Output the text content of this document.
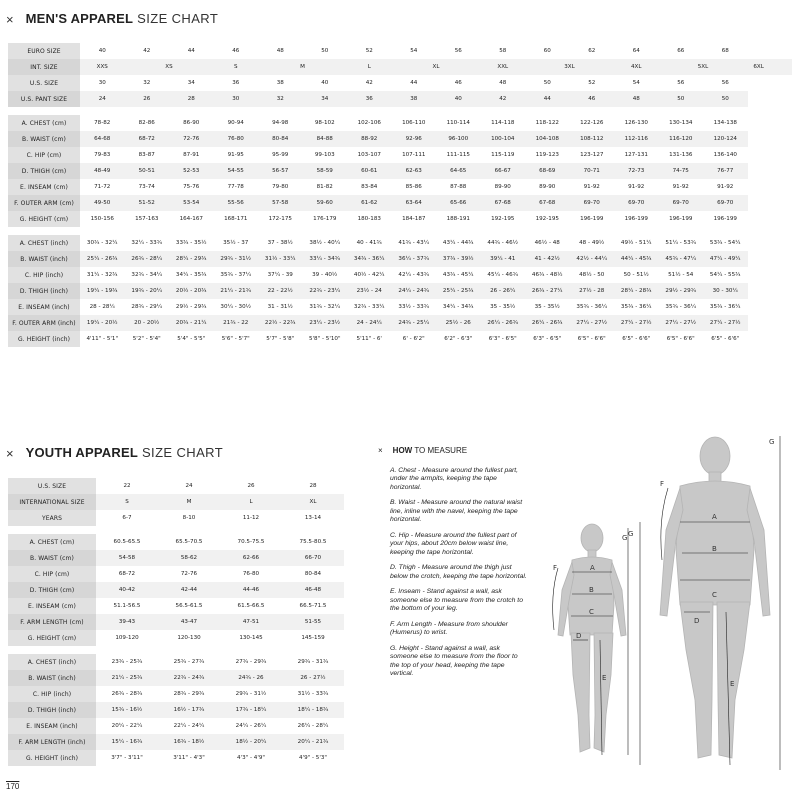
× MEN'S APPAREL SIZE CHART
EURO SIZE	40	42		44		46	48		50		52	54		56		58	60		62		64	66		68	
INT. SIZE	XXS		XS			S		M			L		XL			XXL		3XL			4XL		5XL		6XL
U.S. SIZE	30	32		34		36	38		40		42	44		46		48	50		52		54	56		56	
U.S. PANT SIZE	24	26		28		30	32		34		36	38		40		42	44		46		48	50		50	

A. CHEST (cm)	78-82	82-86		86-90		90-94	94-98		98-102		102-106	106-110		110-114		114-118	118-122		122-126		126-130	130-134		134-138	
B. WAIST (cm)	64-68	68-72		72-76		76-80	80-84		84-88		88-92	92-96		96-100		100-104	104-108		108-112		112-116	116-120		120-124	
C. HIP (cm)	79-83	83-87		87-91		91-95	95-99		99-103		103-107	107-111		111-115		115-119	119-123		123-127		127-131	131-136		136-140	
D. THIGH (cm)	48-49	50-51		52-53		54-55	56-57		58-59		60-61	62-63		64-65		66-67	68-69		70-71		72-73	74-75		76-77	
E. INSEAM (cm)	71-72	73-74		75-76		77-78	79-80		81-82		83-84	85-86		87-88		89-90	89-90		91-92		91-92	91-92		91-92	
F. OUTER ARM (cm)	49-50	51-52		53-54		55-56	57-58		59-60		61-62	63-64		65-66		67-68	67-68		69-70		69-70	69-70		69-70	
G. HEIGHT (cm)	150-156	157-163		164-167		168-171	172-175		176-179		180-183	184-187		188-191		192-195	192-195		196-199		196-199	196-199		196-199	

A. CHEST (inch)	30¾ - 32¼	32¼ - 33¾		33¾ - 35½		35½ - 37	37 - 38½		38½ - 40¼		40 - 41¾	41¾ - 43¼		43¼ - 44¾		44¾ - 46½	46½ - 48		48 - 49½		49½ - 51¼	51¼ - 53¾		53¾ - 54¼	
B. WAIST (inch)	25¼ - 26¾	26¾ - 28¼		28¼ - 29¾		29¾ - 31½	31½ - 33¼		33¼ - 34¾		34¾ - 36¼	36¼ - 37¾		37¾ - 39½		39¼ - 41	41 - 42½		42½ - 44¼		44¼ - 45¾	45¾ - 47¼		47¼ - 49¼	
C. HIP (inch)	31¼ - 32¾	32¾ - 34¼		34¼ - 35¾		35¾ - 37¼	37¼ - 39		39 - 40½		40½ - 42¼	42¼ - 43¾		43¾ - 45¼		45¼ - 46¾	46¾ - 48½		48½ - 50		50 - 51½	51½ - 54		54¼ - 55¾	
D. THIGH (inch)	19¼ - 19¾	19¾ - 20¼		20½ - 20¾		21¼ - 21¾	22 - 22½		22¾ - 23¼		23½ - 24	24¼ - 24¾		25¼ - 25¾		26 - 26¼	26¾ - 27¼		27½ - 28		28¼ - 28¾	29½ - 29¾		30 - 30¼	
E. INSEAM (inch)	28 - 28¼	28¾ - 29¼		29½ - 29¾		30¼ - 30½	31 - 31½		31¾ - 32¼		32¾ - 33¼	33½ - 33¾		34¼ - 34¾		35 - 35½	35 - 35½		35¾ - 36¼		35¾ - 36¼	35¾ - 36¼		35¾ - 36¼	
F. OUTER ARM (inch)	19¼ - 20½	20 - 20½		20¾ - 21¼		21¾ - 22	22½ - 22¾		23¼ - 23½		24 - 24¼	24¾ - 25¼		25½ - 26		26¼ - 26¾	26¼ - 26¾		27¼ - 27½		27¼ - 27½	27¼ - 27½		27¼ - 27½	
G. HEIGHT (inch)	4'11" - 5'1"	5'2" - 5'4"		5'4" - 5'5"		5'6" - 5'7"	5'7" - 5'8"		5'8" - 5'10"		5'11" - 6'	6' - 6'2"		6'2" - 6'3"		6'3" - 6'5"	6'3" - 6'5"		6'5" - 6'6"		6'5" - 6'6"	6'5" - 6'6"		6'5" - 6'6"	
× YOUTH APPAREL SIZE CHART
U.S. SIZE	22	24	26	28
INTERNATIONAL SIZE	S	M	L	XL
YEARS	6-7	8-10	11-12	13-14

A. CHEST (cm)	60.5-65.5	65.5-70.5	70.5-75.5	75.5-80.5
B. WAIST (cm)	54-58	58-62	62-66	66-70
C. HIP (cm)	68-72	72-76	76-80	80-84
D. THIGH (cm)	40-42	42-44	44-46	46-48
E. INSEAM (cm)	51.1-56.5	56.5-61.5	61.5-66.5	66.5-71.5
F. ARM LENGTH (cm)	39-43	43-47	47-51	51-55
G. HEIGHT (cm)	109-120	120-130	130-145	145-159

A. CHEST (inch)	23¾ - 25¾	25¾ - 27¾	27¾ - 29¾	29¾ - 31¾
B. WAIST (inch)	21¼ - 25¾	22¾ - 24¾	24¾ - 26	26 - 27½
C. HIP (inch)	26¾ - 28¾	28¾ - 29¾	29¾ - 31½	31½ - 33¾
D. THIGH (inch)	15¾ - 16½	16½ - 17¾	17¾ - 18¼	18¼ - 18¾
E. INSEAM (inch)	20¼ - 22¼	22¼ - 24¼	24¼ - 26¼	26¼ - 28¼
F. ARM LENGTH (inch)	15¼ - 16¾	16¾ - 18½	18½ - 20¼	20¼ - 21¾
G. HEIGHT (inch)	3'7" - 3'11"	3'11" - 4'3"	4'3" - 4'9"	4'9" - 5'3"
× HOW TO MEASURE

A. Chest - Measure around the fullest part, under the armpits, keeping the tape horizontal.

B. Waist - Measure around the natural waist line, inline with the navel, keeping the tape horizontal.

C. Hip - Measure around the fullest part of your hips, about 20cm below waist line, keeping the tape horizontal.

D. Thigh - Measure around the thigh just below the crotch, keeping the tape horizontal.

E. Inseam - Stand against a wall, ask someone else to measure from the crotch to the bottom of your leg.

F. Arm Length - Measure from shoulder (Humerus) to wrist.

G. Height - Stand against a wall, ask someone else to measure from the floor to the top of your head, keeping the tape vertical.

A
B
C
D
E
F
G
A
B
C
D
E
F
G
G
170
